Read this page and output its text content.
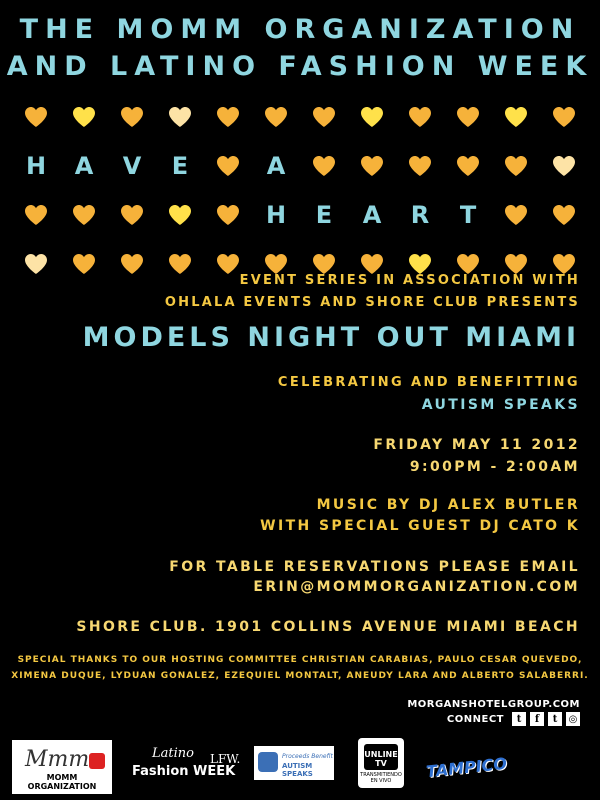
THE MOMM ORGANIZATION
AND LATINO FASHION WEEK
H A V E	A
H E A R T
EVENT SERIES IN ASSOCIATION WITH
OHLALA EVENTS AND SHORE CLUB PRESENTS
MODELS NIGHT OUT MIAMI
CELEBRATING AND BENEFITTING
AUTISM SPEAKS
FRIDAY MAY 11 2012
9:00PM - 2:00AM
MUSIC BY DJ ALEX BUTLER
WITH SPECIAL GUEST DJ CATO K
FOR TABLE RESERVATIONS PLEASE EMAIL
ERIN@MOMMORGANIZATION.COM
SHORE CLUB. 1901 COLLINS AVENUE MIAMI BEACH
SPECIAL THANKS TO OUR HOSTING COMMITTEE CHRISTIAN CARABIAS, PAULO CESAR QUEVEDO,
XIMENA DUQUE, LYDUAN GONALEZ, EZEQUIEL MONTALT, ANEUDY LARA AND ALBERTO SALABERRI.
MORGANSHOTELGROUP.COM
CONNECT	t	f	t	◎
Mmm
MOMM ORGANIZATION
Latino
Fashion WEEK
LFW.	Proceeds Benefit
AUTISM SPEAKS
UNLINE TV
TRANSMITIENDO EN VIVO	TAMPICO
